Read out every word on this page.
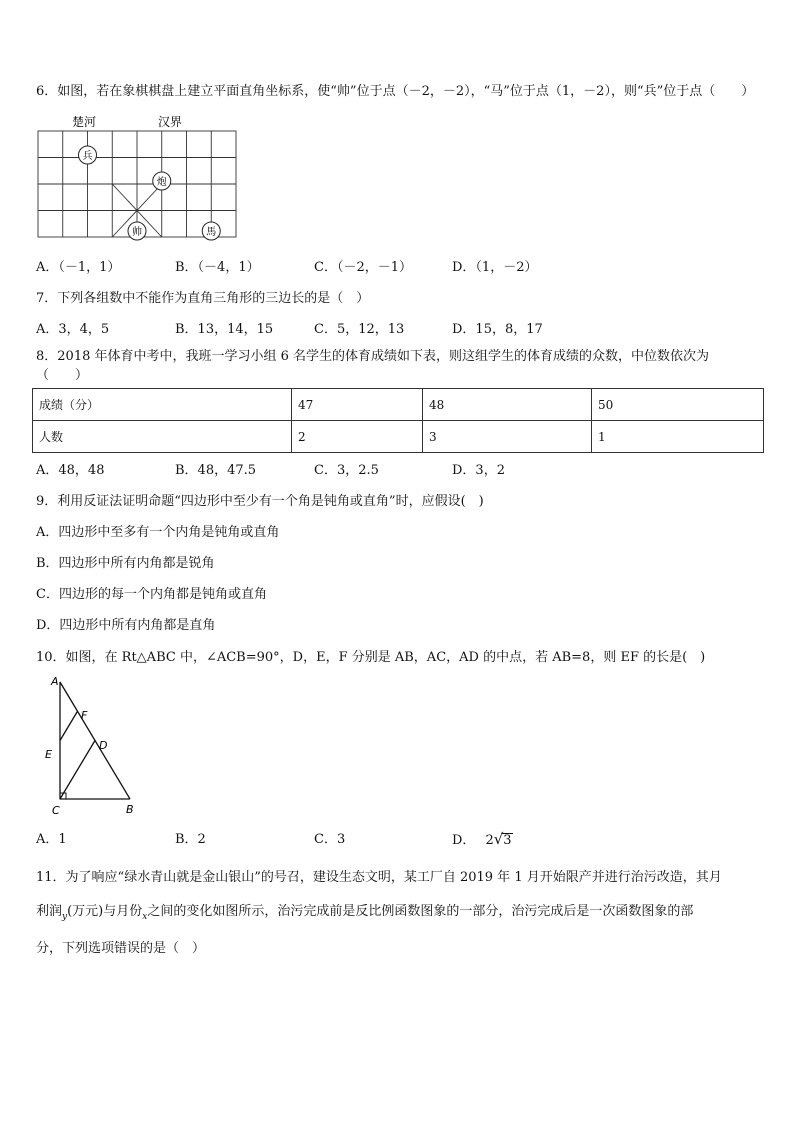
6．如图，若在象棋棋盘上建立平面直角坐标系，使“帅”位于点（－2，－2），“马”位于点（1，－2），则“兵”位于点（　　）
楚河	汉界
兵
炮
帅	馬
A．（－1，1）	B．（－4，1）	C．（－2，－1）	D．（1，－2）
7．下列各组数中不能作为直角三角形的三边长的是（　）
A．3，4，5	B．13，14，15	C．5，12，13	D．15，8，17
8．2018 年体育中考中，我班一学习小组 6 名学生的体育成绩如下表，则这组学生的体育成绩的众数，中位数依次为
（　　）
成绩（分）	47	48	50
人数	2	3	1
A．48，48	B．48，47.5	C．3，2.5	D．3，2
9．利用反证法证明命题“四边形中至少有一个角是钝角或直角”时，应假设(　)
A．四边形中至多有一个内角是钝角或直角
B．四边形中所有内角都是锐角
C．四边形的每一个内角都是钝角或直角
D．四边形中所有内角都是直角
10．如图，在 Rt△ABC 中，∠ACB=90°，D，E，F 分别是 AB，AC，AD 的中点，若 AB=8，则 EF 的长是(　)
A
F
D
E
C	B
A．1	B．2	C．3	D． 2√3
11．为了响应“绿水青山就是金山银山”的号召，建设生态文明，某工厂自 2019 年 1 月开始限产并进行治污改造，其月
利润$_y$(万元)与月份$_x$之间的变化如图所示，治污完成前是反比例函数图象的一部分，治污完成后是一次函数图象的部
分，下列选项错误的是（　）
